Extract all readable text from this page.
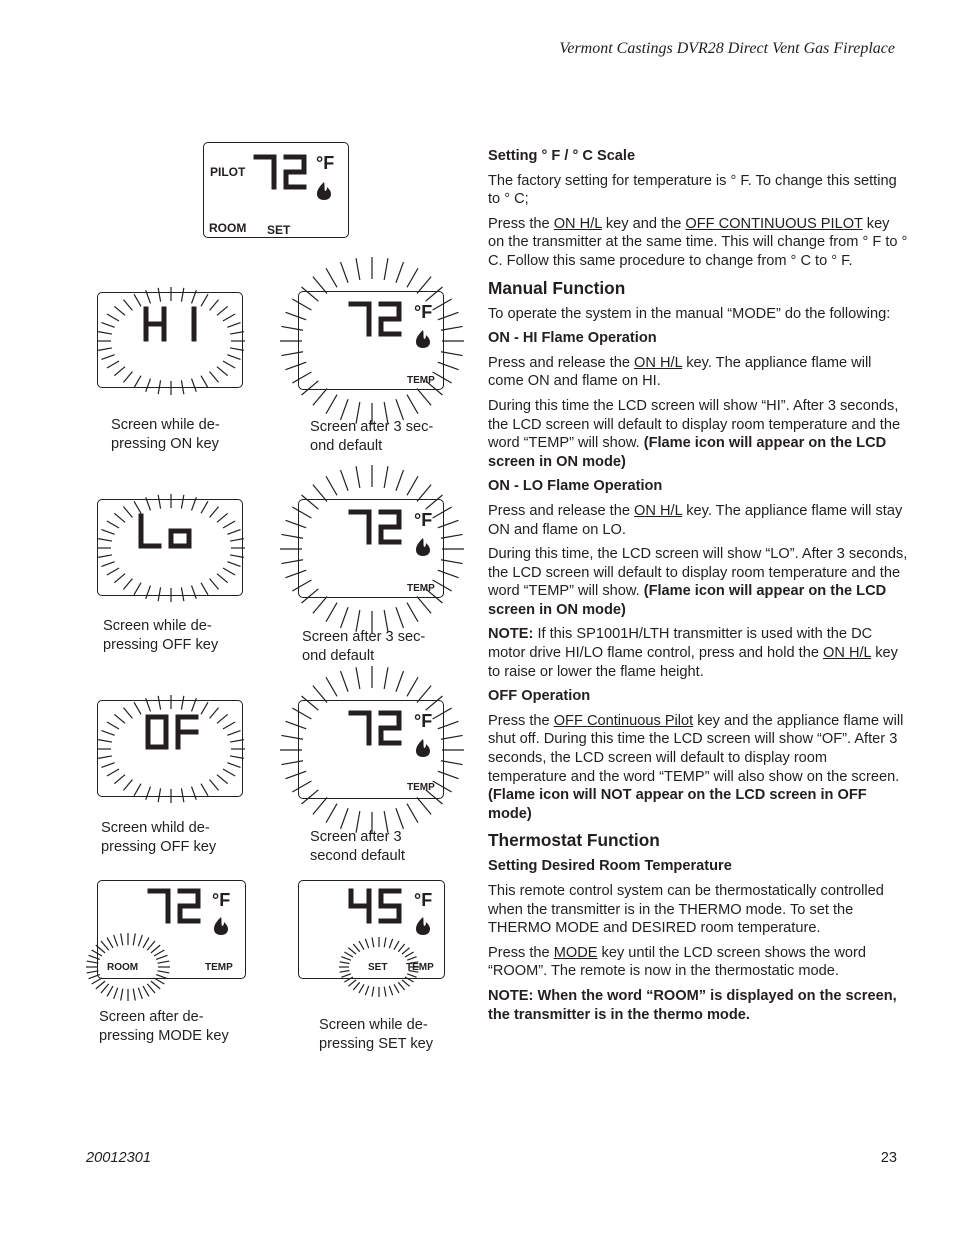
Vermont Castings DVR28 Direct Vent Gas Fireplace
°F
PILOT
ROOM SET
Screen while de-
pressing ON key
°F
TEMP
Screen after 3 sec-
ond default
Screen while de-
pressing OFF key
°F
TEMP
Screen after 3 sec-
ond default
Screen whild de-
pressing OFF key
°F
TEMP
Screen after 3
second default
°F
ROOM	TEMP
Screen after de-
pressing MODE key
°F
SET TEMP
Screen while de-
pressing SET key

Setting ° F / ° C Scale

The factory setting for temperature is ° F. To change this setting to ° C;

Press the ON H/L key and the OFF CONTINUOUS PILOT key on the transmitter at the same time. This will change from ° F to ° C. Follow this same procedure to change from ° C to ° F.

Manual Function

To operate the system in the manual “MODE” do the following:

ON - HI Flame Operation

Press and release the ON H/L key. The appliance flame will come ON and flame on HI.

During this time the LCD screen will show “HI”. After 3 seconds, the LCD screen will default to display room temperature and the word “TEMP” will show. (Flame icon will appear on the LCD screen in ON mode)

ON - LO Flame Operation

Press and release the ON H/L key. The appliance flame will stay ON and flame on LO.

During this time, the LCD screen will show “LO”. After 3 seconds, the LCD screen will default to display room temperature and the word “TEMP” will show. (Flame icon will appear on the LCD screen in ON mode)

NOTE: If this SP1001H/LTH transmitter is used with the DC motor drive HI/LO flame control, press and hold the ON H/L key to raise or lower the flame height.

OFF Operation

Press the OFF Continuous Pilot key and the appliance flame will shut off. During this time the LCD screen will show “OF”. After 3 seconds, the LCD screen will default to display room temperature and the word “TEMP” will also show on the screen. (Flame icon will NOT appear on the LCD screen in OFF mode)

Thermostat Function

Setting Desired Room Temperature

This remote control system can be thermostatically controlled when the transmitter is in the THERMO mode. To set the THERMO MODE and DESIRED room temperature.

Press the MODE key until the LCD screen shows the word “ROOM”. The remote is now in the thermostatic mode.

NOTE: When the word “ROOM” is displayed on the screen, the transmitter is in the thermo mode.

20012301	23
